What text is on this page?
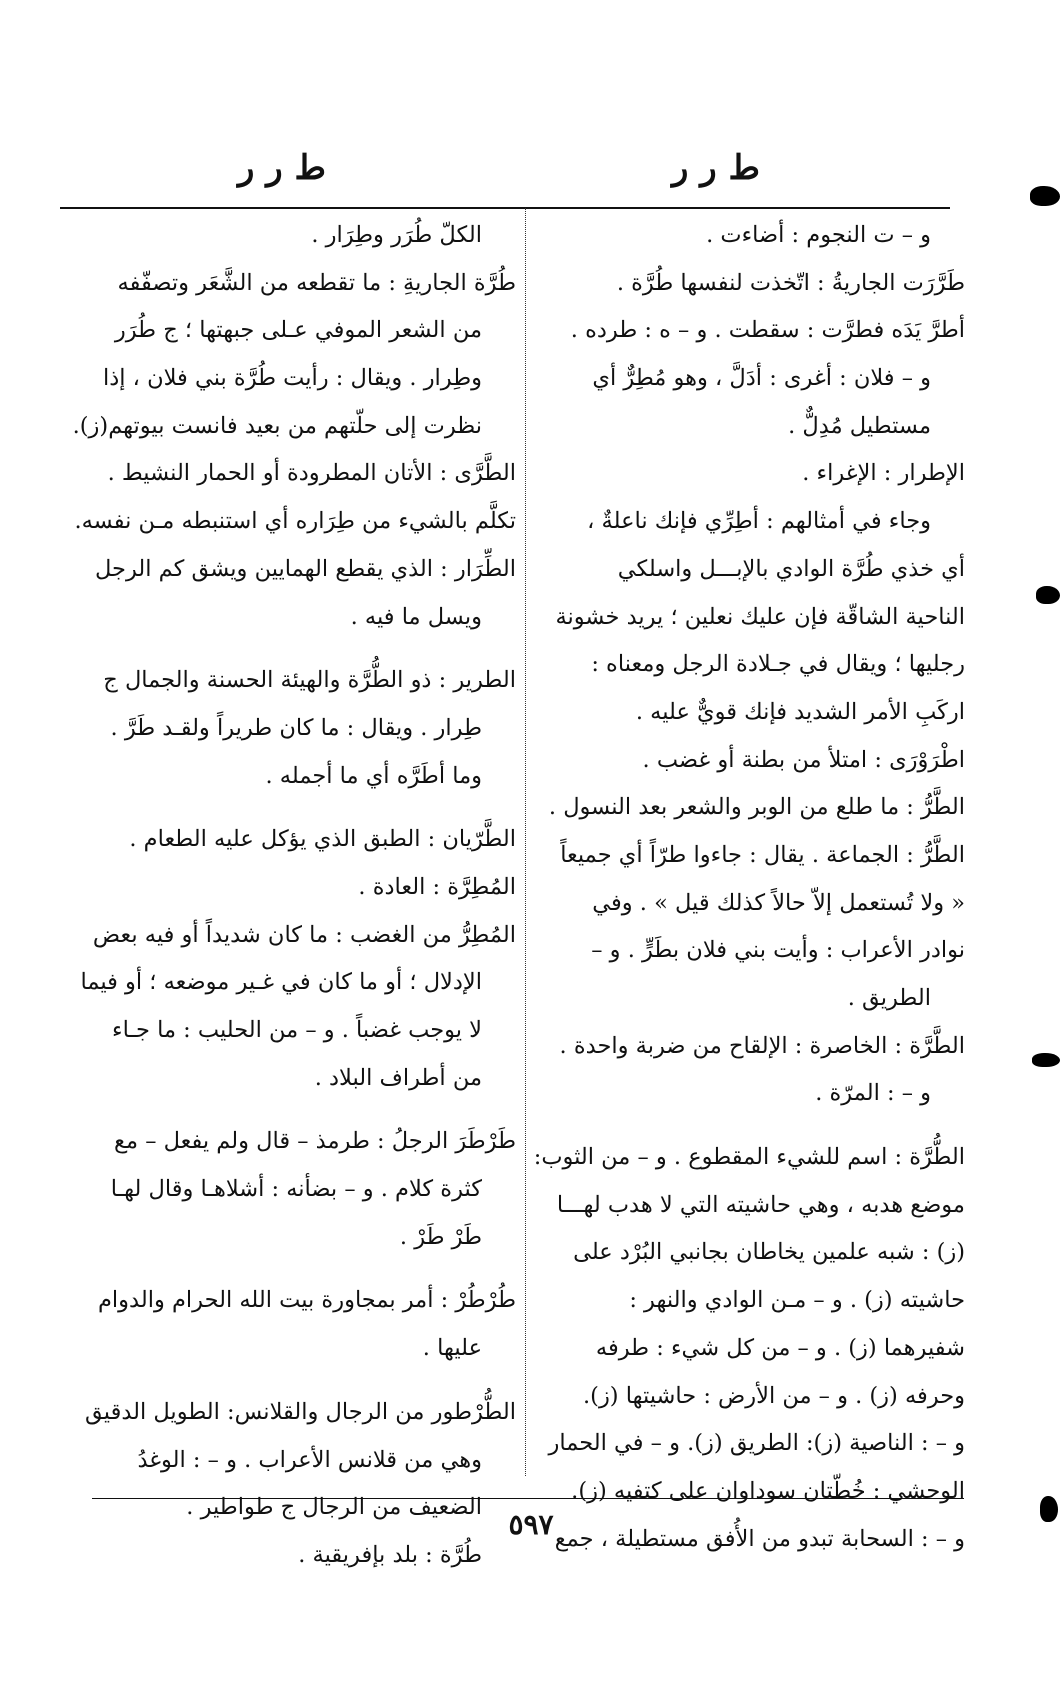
ط ر ر
ط ر ر
و – ت النجوم : أضاءت .
طَرَّرَت الجاريةُ : اتّخذت لنفسها طُرَّة .
أطرَّ يَدَه فطرَّت : سقطت . و – ه : طرده .
و – فلان : أغرى : أدَلَّ ، وهو مُطِرٌّ أي
مستطيل مُدِلٌّ .
الإطرار : الإغراء .
وجاء في أمثالهم : أطِرِّي فإنك ناعلةٌ ،
أي خذي طُرَّة الوادي بالإبـــل واسلكي
الناحية الشاقّة فإن عليك نعلين ؛ يريد خشونة
رجليها ؛ ويقال في جـلادة الرجل ومعناه :
اركَبِ الأمر الشديد فإنك قويٌّ عليه .
اطْرَوْرَى : امتلأ من بطنة أو غضب .
الطَّرُّ : ما طلع من الوبر والشعر بعد النسول .
الطَّرُّ : الجماعة . يقال : جاءوا طرّاً أي جميعاً
« ولا تُستعمل إلاّ حالاً كذلك قيل » . وفي
نوادر الأعراب : وأيت بني فلان بطَرٍّ . و –
الطريق .
الطَّرَّة : الخاصرة : الإلقاح من ضربة واحدة .
و – : المرّة .
الطُّرَّة : اسم للشيء المقطوع . و – من الثوب:
موضع هدبه ، وهي حاشيته التي لا هدب لهـــا
(ز) : شبه علمين يخاطان بجانبي البُرْد على
حاشيته (ز) . و – مـن الوادي والنهر :
شفيرهما (ز) . و – من كل شيء : طرفه
وحرفه (ز) . و – من الأرض : حاشيتها (ز).
و – : الناصية (ز): الطريق (ز). و – في الحمار
الوحشي : خُطّتان سوداوان على كتفيه (ز).
و – : السحابة تبدو من الأُفق مستطيلة ، جمع
الكلّ طُرَر وطِرَار .
طُرَّة الجاريةِ : ما تقطعه من الشَّعَر وتصفّفه
من الشعر الموفي عـلى جبهتها ؛ ج طُرَر
وطِرار . ويقال : رأيت طُرَّة بني فلان ، إذا
نظرت إلى حلّتهم من بعيد فانست بيوتهم(ز).
الطَّرَّى : الأتان المطرودة أو الحمار النشيط .
تكلَّم بالشيء من طِرَاره أي استنبطه مـن نفسه.
الطِّرَار : الذي يقطع الهمايين ويشق كم الرجل
ويسل ما فيه .
الطرير : ذو الطُّرَّة والهيئة الحسنة والجمال ج
طِرار . ويقال : ما كان طريراً ولقـد طَرَّ .
وما أطَرَّه أي ما أجمله .
الطَّرّيان : الطبق الذي يؤكل عليه الطعام .
المُطِرَّة : العادة .
المُطِرُّ من الغضب : ما كان شديداً أو فيه بعض
الإدلال ؛ أو ما كان في غـير موضعه ؛ أو فيما
لا يوجب غضباً . و – من الحليب : ما جـاء
من أطراف البلاد .
طَرْطَرَ الرجلُ : طرمذ – قال ولم يفعل – مع
كثرة كلام . و – بضأنه : أشلاهـا وقال لهـا
طَرْ طَرْ .
طُرْطُرْ : أمر بمجاورة بيت الله الحرام والدوام
عليها .
الطُّرْطور من الرجال والقلانس: الطويل الدقيق
وهي من قلانس الأعراب . و – : الوغدُ
الضعيف من الرجال ج طواطير .
طُرَّة : بلد بإفريقية .
٥٩٧
